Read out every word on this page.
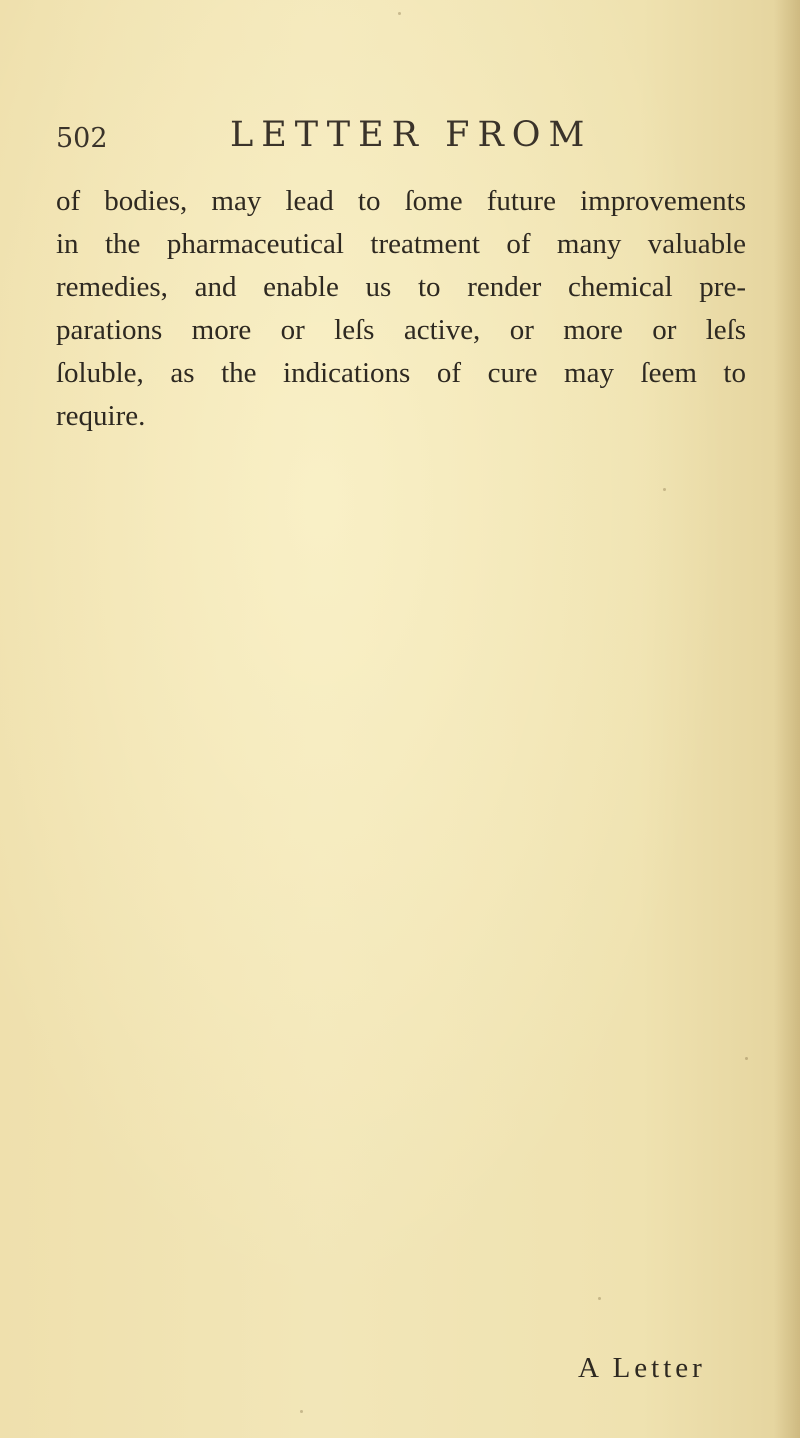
502	LETTER FROM
of bodies, may lead to ſome future improvements
in the pharmaceutical treatment of many valuable
remedies, and enable us to render chemical pre-
parations more or leſs active, or more or leſs
ſoluble, as the indications of cure may ſeem to
require.
A Letter
